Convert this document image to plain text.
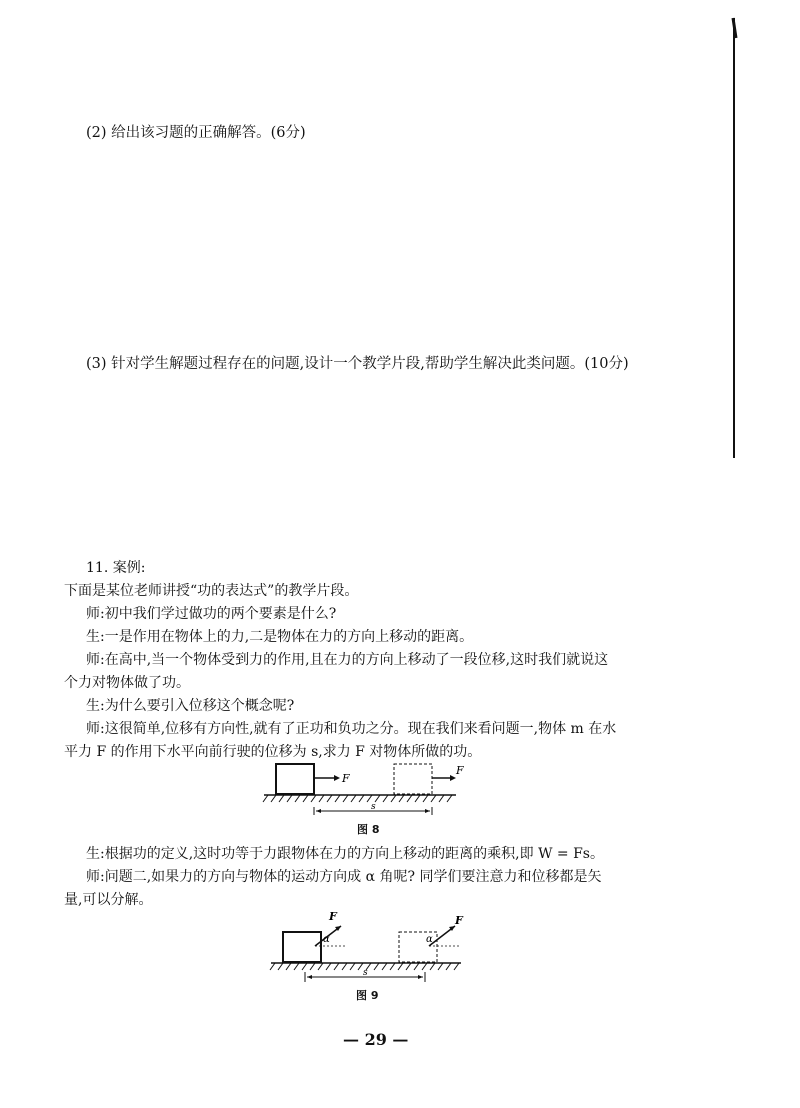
(2) 给出该习题的正确解答。(6分)
(3) 针对学生解题过程存在的问题,设计一个教学片段,帮助学生解决此类问题。(10分)
11. 案例:
下面是某位老师讲授“功的表达式”的教学片段。
师:初中我们学过做功的两个要素是什么?
生:一是作用在物体上的力,二是物体在力的方向上移动的距离。
师:在高中,当一个物体受到力的作用,且在力的方向上移动了一段位移,这时我们就说这
个力对物体做了功。
生:为什么要引入位移这个概念呢?
师:这很简单,位移有方向性,就有了正功和负功之分。现在我们来看问题一,物体 m 在水
平力 F 的作用下水平向前行驶的位移为 s,求力 F 对物体所做的功。
F
F
s
图 8
生:根据功的定义,这时功等于力跟物体在力的方向上移动的距离的乘积,即 W = Fs。
师:问题二,如果力的方向与物体的运动方向成 α 角呢? 同学们要注意力和位移都是矢
量,可以分解。
F
α
F
α
s
图 9
— 29 —
